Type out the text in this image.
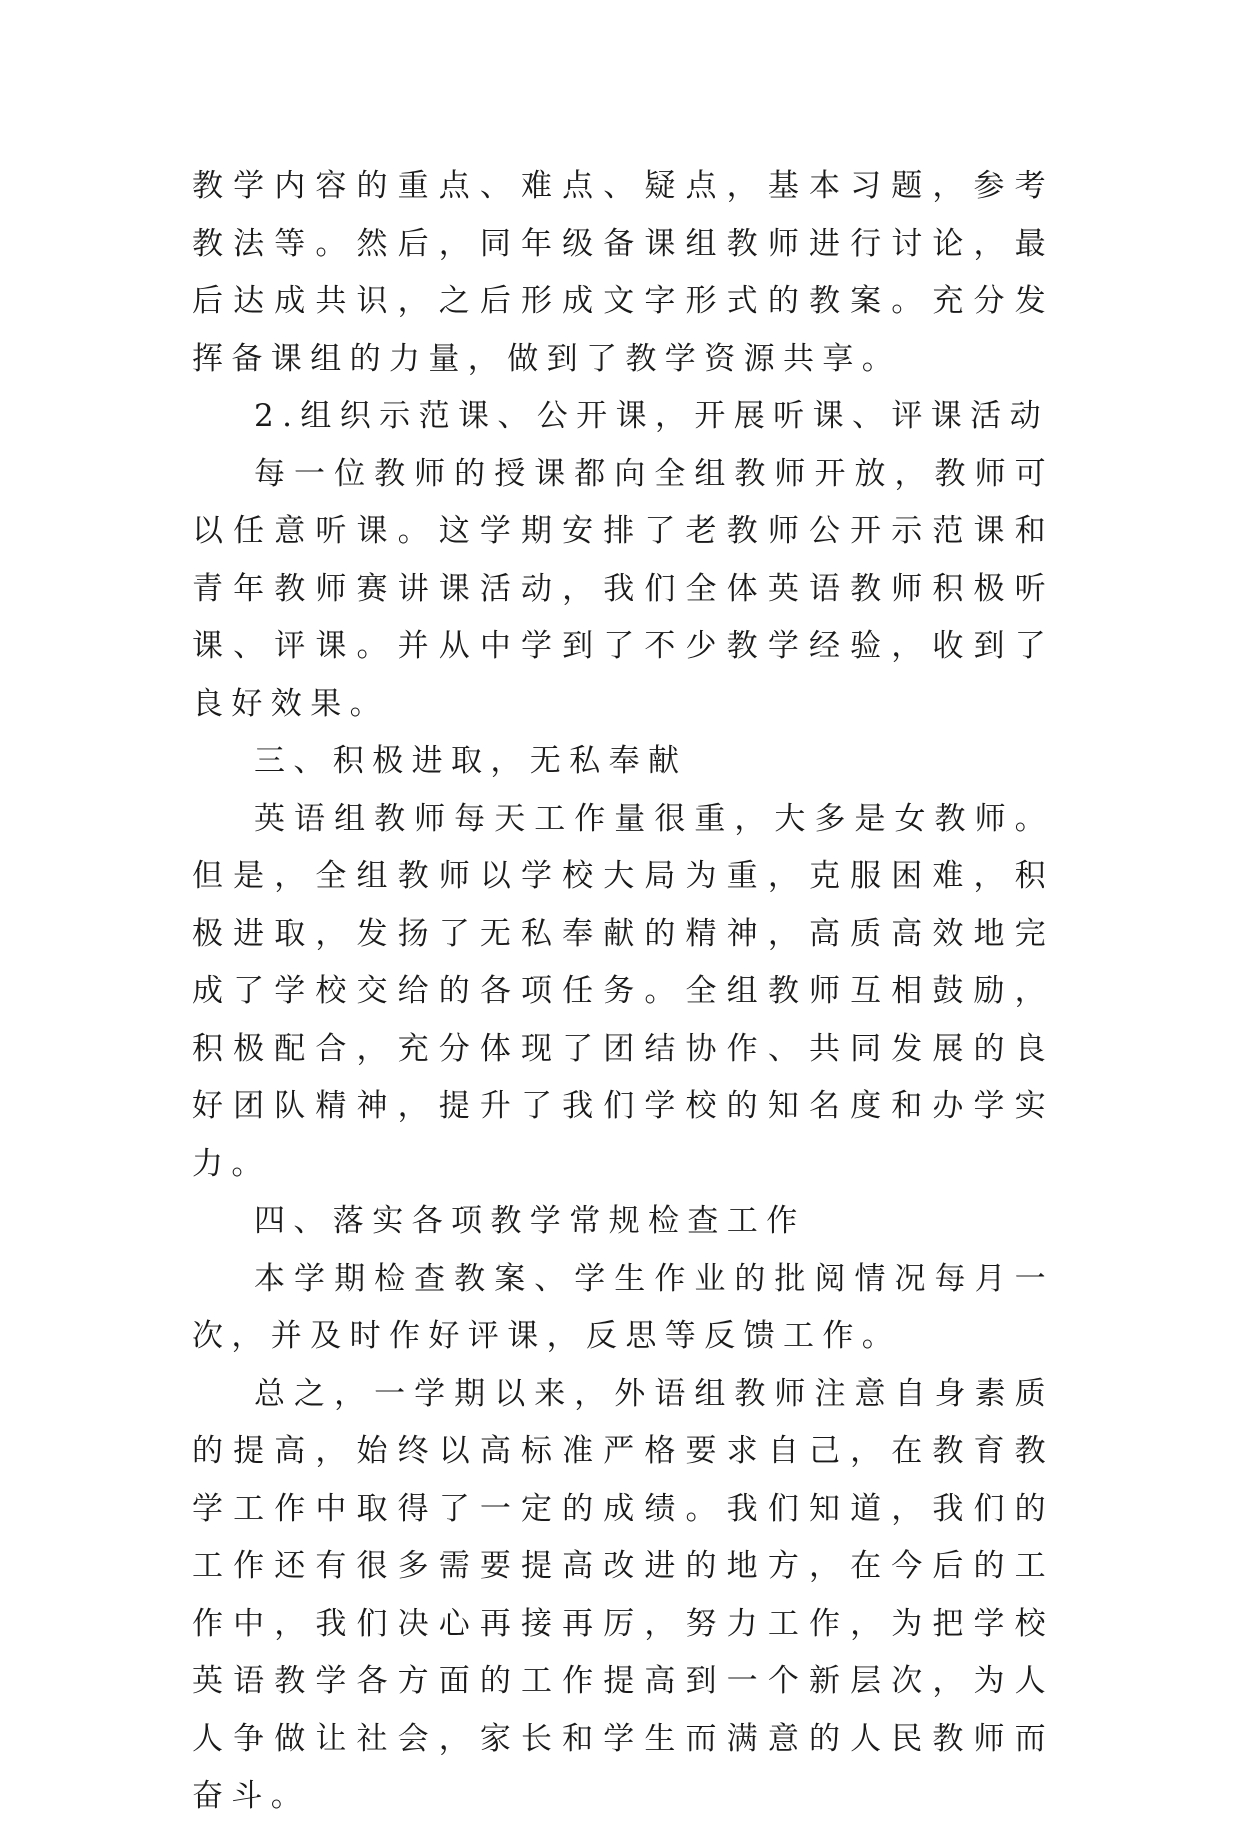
教学内容的重点、难点、疑点，基本习题，参考教法等。然后，同年级备课组教师进行讨论，最后达成共识，之后形成文字形式的教案。充分发挥备课组的力量，做到了教学资源共享。

2.组织示范课、公开课，开展听课、评课活动

每一位教师的授课都向全组教师开放，教师可以任意听课。这学期安排了老教师公开示范课和青年教师赛讲课活动，我们全体英语教师积极听课、评课。并从中学到了不少教学经验，收到了良好效果。

三、积极进取，无私奉献

英语组教师每天工作量很重，大多是女教师。但是，全组教师以学校大局为重，克服困难，积极进取，发扬了无私奉献的精神，高质高效地完成了学校交给的各项任务。全组教师互相鼓励，积极配合，充分体现了团结协作、共同发展的良好团队精神，提升了我们学校的知名度和办学实力。

四、落实各项教学常规检查工作

本学期检查教案、学生作业的批阅情况每月一次，并及时作好评课，反思等反馈工作。

总之，一学期以来，外语组教师注意自身素质的提高，始终以高标准严格要求自己，在教育教学工作中取得了一定的成绩。我们知道，我们的工作还有很多需要提高改进的地方，在今后的工作中，我们决心再接再厉，努力工作，为把学校英语教学各方面的工作提高到一个新层次，为人人争做让社会，家长和学生而满意的人民教师而奋斗。
